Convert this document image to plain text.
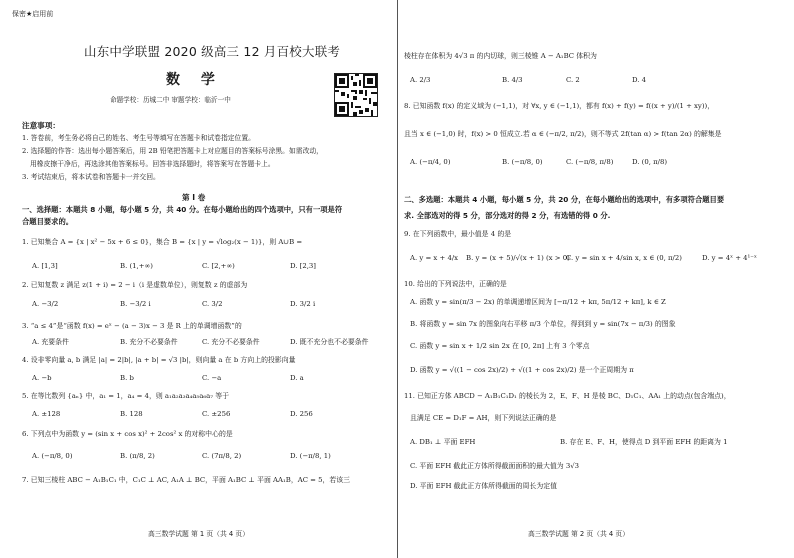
保密★启用前
山东中学联盟 2020 级高三 12 月百校大联考
数 学
命题学校：历城二中 审题学校：临沂一中
注意事项：
1. 答卷前，考生务必将自己的姓名、考生号等填写在答题卡和试卷指定位置。
2. 选择题的作答：选出每小题答案后，用 2B 铅笔把答题卡上对应题目的答案标号涂黑。如需改动，
用橡皮擦干净后，再选涂其他答案标号。回答非选择题时，将答案写在答题卡上。
3. 考试结束后，将本试卷和答题卡一并交回。
第 I 卷
一、选择题：本题共 8 小题，每小题 5 分，共 40 分。在每小题给出的四个选项中，只有一项是符
合题目要求的。
1. 已知集合 A = {x | x² − 5x + 6 ≤ 0}，集合 B = {x | y = √log₂(x − 1)}，则 A∪B =
A. [1,3]	B. (1,+∞)	C. [2,+∞)	D. [2,3]
2. 已知复数 z 满足 z(1 + i) = 2 − i（i 是虚数单位），则复数 z 的虚部为
A. −3/2	B. −3/2 i	C. 3/2	D. 3/2 i
3. “a ≤ 4”是“函数 f(x) = eˣ − (a − 3)x − 3 是 R 上的单调增函数”的
A. 充要条件	B. 充分不必要条件	C. 充分不必要条件	D. 既不充分也不必要条件
4. 设非零向量 a, b 满足 |a| = 2|b|, |a + b| = √3 |b|，则向量 a 在 b 方向上的投影向量
A. −b	B. b	C. −a	D. a
5. 在等比数列 {aₙ} 中，a₁ = 1，a₄ = 4，则 a₁a₂a₃a₄a₅a₆a₇ 等于
A. ±128	B. 128	C. ±256	D. 256
6. 下列点中为函数 y = (sin x + cos x)² + 2cos² x 的对称中心的是
A. (−π/8, 0)	B. (π/8, 2)	C. (7π/8, 2)	D. (−π/8, 1)
7. 已知三棱柱 ABC − A₁B₁C₁ 中，C₁C ⊥ AC, A₁A ⊥ BC，平面 A₁BC ⊥ 平面 AA₁B，AC = 5，若该三
高三数学试题 第 1 页（共 4 页）
棱柱存在体积为 4√3 π 的内切球，则三棱锥 A − A₁BC 体积为
A. 2/3	B. 4/3	C. 2	D. 4
8. 已知函数 f(x) 的定义域为 (−1,1)，对 ∀x, y ∈ (−1,1)，都有 f(x) + f(y) = f((x + y)/(1 + xy))，
且当 x ∈ (−1,0) 时，f(x) > 0 恒成立.若 α ∈ (−π/2, π/2)，则不等式 2f(tan α) > f(tan 2α) 的解集是
A. (−π/4, 0)	B. (−π/8, 0)	C. (−π/8, π/8)	D. (0, π/8)
二、多选题：本题共 4 小题，每小题 5 分，共 20 分，在每小题给出的选项中，有多项符合题目要
求. 全部选对的得 5 分，部分选对的得 2 分，有选错的得 0 分.
9. 在下列函数中，最小值是 4 的是
A. y = x + 4/x B. y = (x + 5)/√(x + 1) (x > 0)
C. y = sin x + 4/sin x, x ∈ (0, π/2)	D. y = 4ˣ + 4¹⁻ˣ
10. 给出的下列说法中，正确的是
A. 函数 y = sin(π/3 − 2x) 的单调递增区间为 [−π/12 + kπ, 5π/12 + kπ], k ∈ Z
B. 将函数 y = sin 7x 的图象向右平移 π/3 个单位，得到到 y = sin(7x − π/3) 的图象
C. 函数 y = sin x + 1/2 sin 2x 在 [0, 2π] 上有 3 个零点
D. 函数 y = √((1 − cos 2x)/2) + √((1 + cos 2x)/2) 是一个正周期为 π
11. 已知正方体 ABCD − A₁B₁C₁D₁ 的棱长为 2，E、F、H 是棱 BC、D₁C₁、AA₁ 上的动点(包含端点)，
且满足 CE = D₁F = AH，则下列说法正确的是
A. DB₁ ⊥ 平面 EFH	B. 存在 E、F、H，使得点 D 到平面 EFH 的距离为 1
C. 平面 EFH 截此正方体所得截面面积的最大值为 3√3
D. 平面 EFH 截此正方体所得截面的周长为定值
高三数学试题 第 2 页（共 4 页）
